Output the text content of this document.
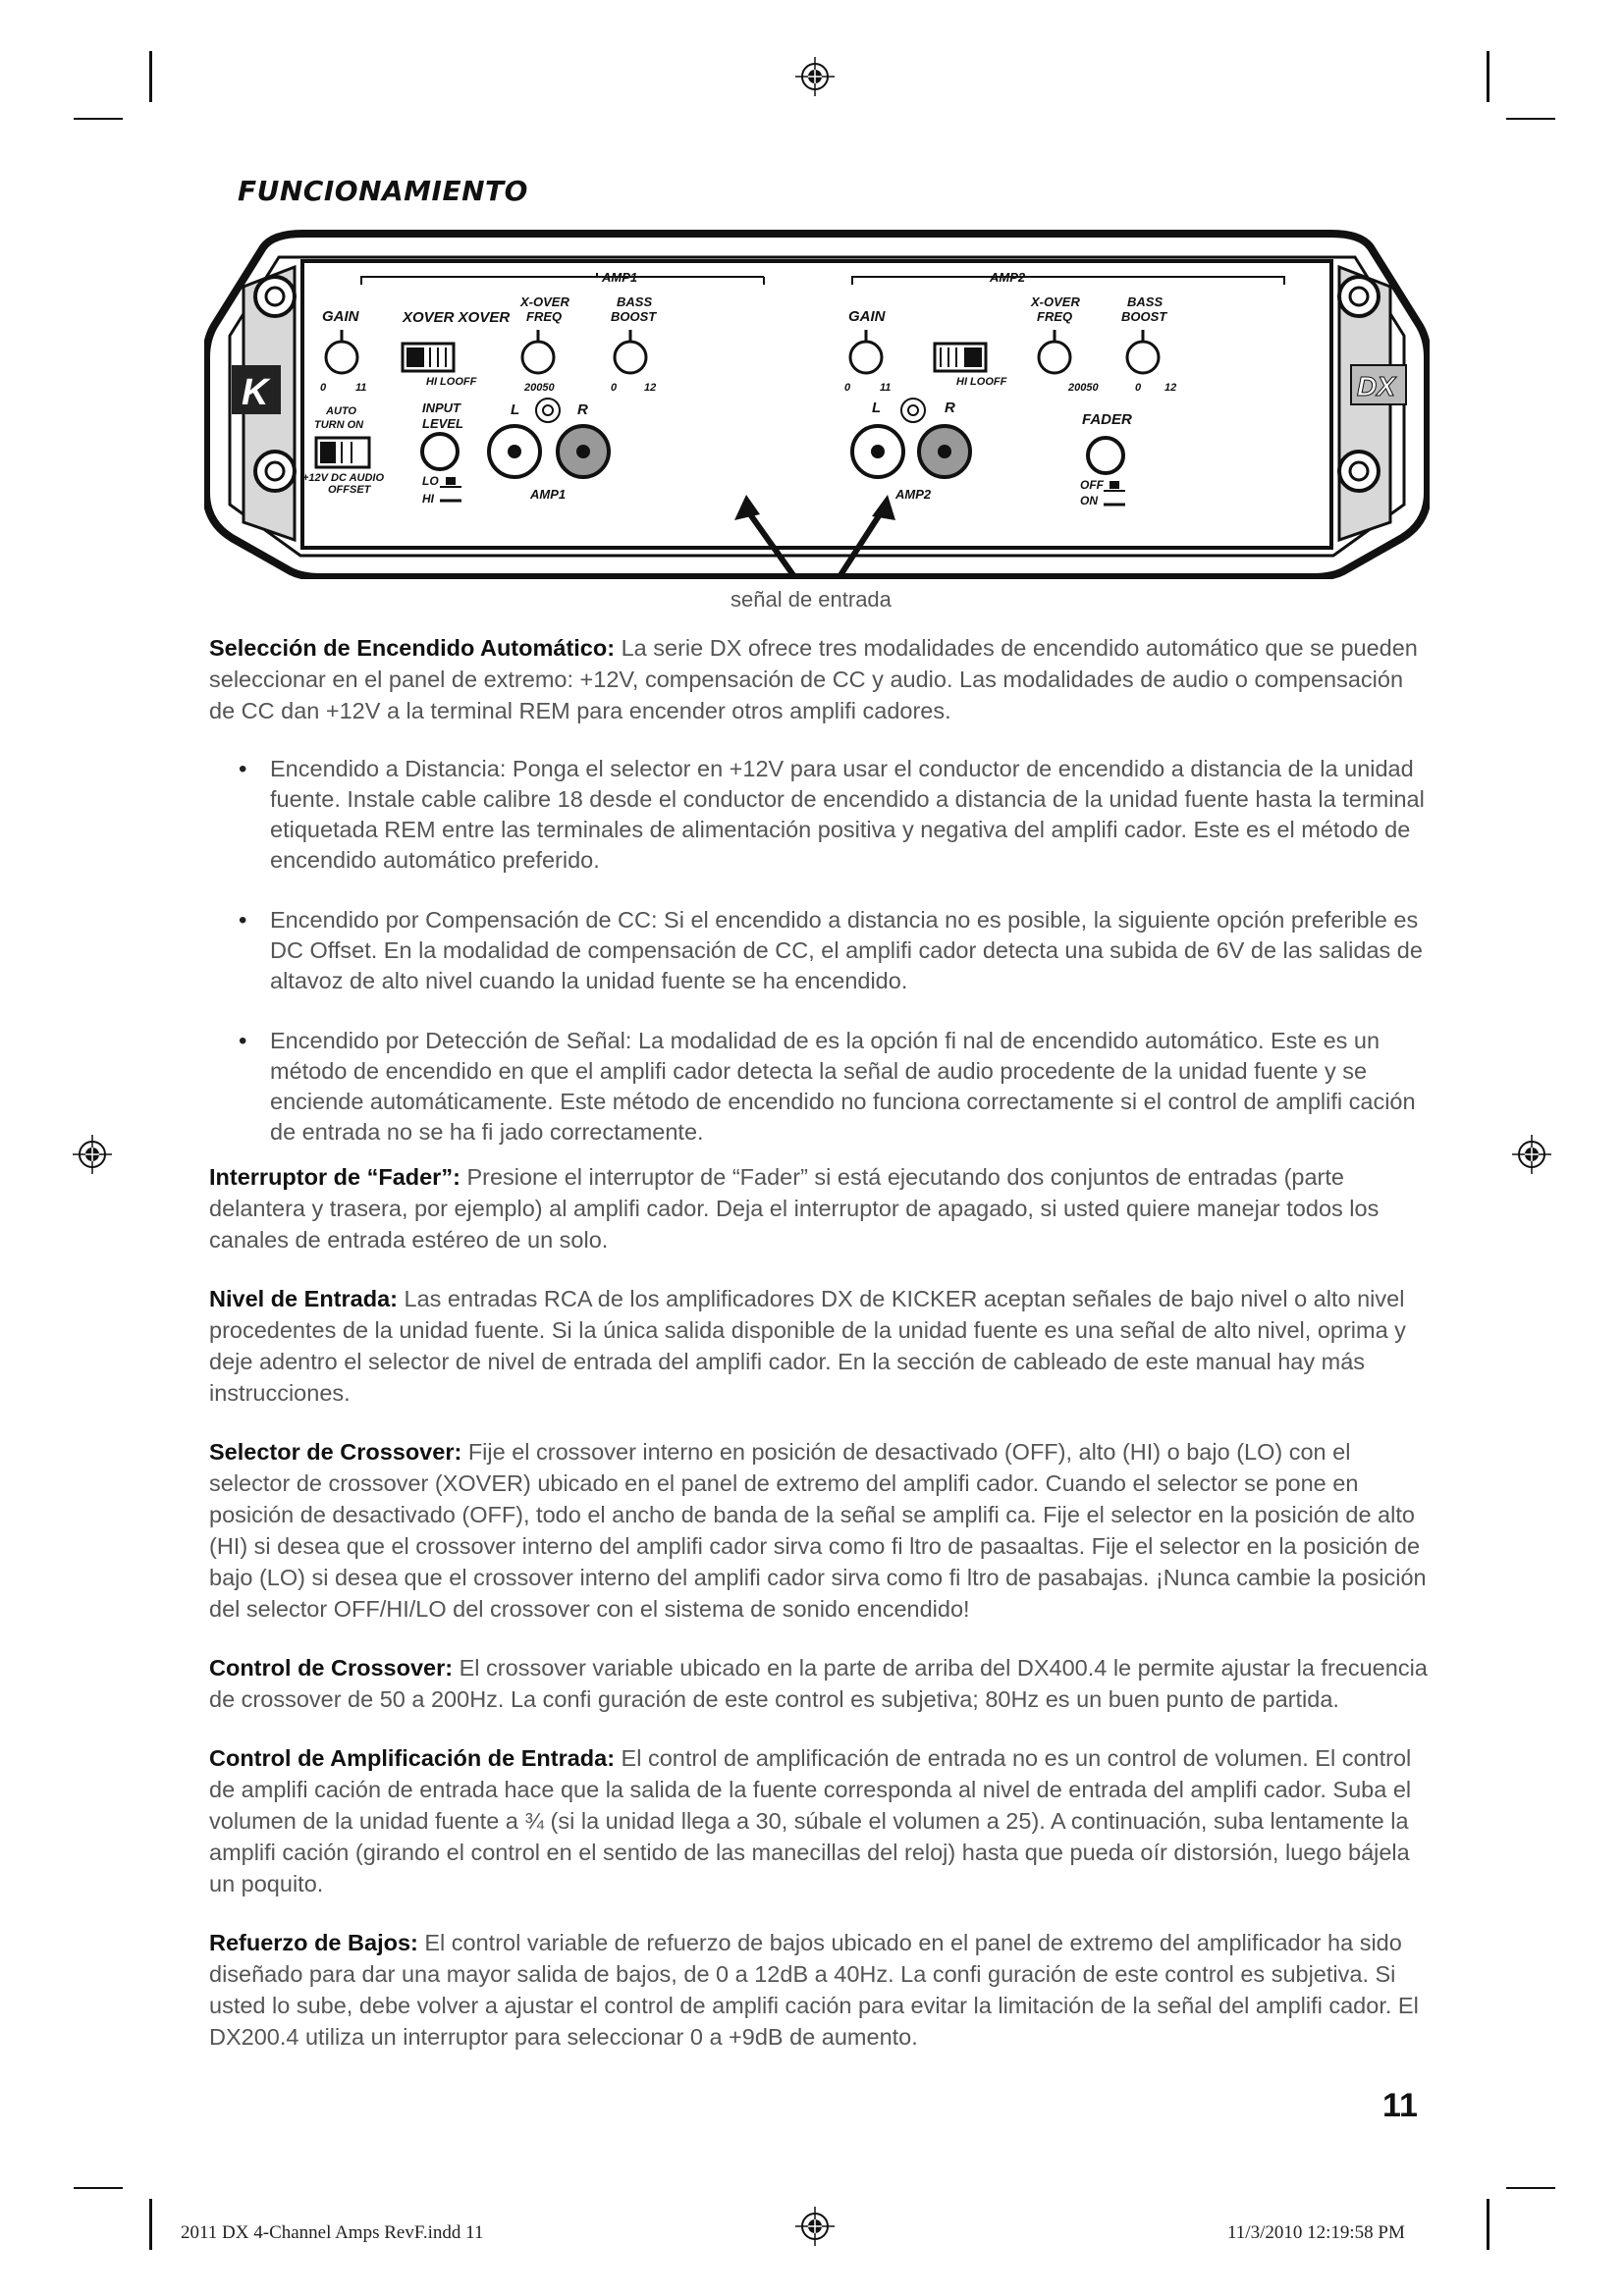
FUNCIONAMIENTO
K	DX
AMP1	AMP2
GAIN	XOVER XOVER
X-OVER
FREQ
BASS
BOOST
0	11	HI LOOFF	20050	0	12
GAIN
0	11	HI LOOFF
X-OVER
FREQ
20050
BASS
BOOST
0 12
AUTO
TURN ON
+12V DC AUDIO
OFFSET
INPUT
LEVEL
LO
HI
L	R
AMP1
L	R
AMP2
FADER
OFF
ON
señal de entrada

Selección de Encendido Automático: La serie DX ofrece tres modalidades de encendido automático que se pueden seleccionar en el panel de extremo: +12V, compensación de CC y audio. Las modalidades de audio o compensación de CC dan +12V a la terminal REM para encender otros amplifi cadores.

• Encendido a Distancia: Ponga el selector en +12V para usar el conductor de encendido a distancia de la unidad fuente. Instale cable calibre 18 desde el conductor de encendido a distancia de la unidad fuente hasta la terminal etiquetada REM entre las terminales de alimentación positiva y negativa del amplifi cador. Este es el método de encendido automático preferido.
• Encendido por Compensación de CC: Si el encendido a distancia no es posible, la siguiente opción preferible es DC Offset. En la modalidad de compensación de CC, el amplifi cador detecta una subida de 6V de las salidas de altavoz de alto nivel cuando la unidad fuente se ha encendido.
• Encendido por Detección de Señal: La modalidad de es la opción fi nal de encendido automático. Este es un método de encendido en que el amplifi cador detecta la señal de audio procedente de la unidad fuente y se enciende automáticamente. Este método de encendido no funciona correctamente si el control de amplifi cación de entrada no se ha fi jado correctamente.

Interruptor de “Fader”: Presione el interruptor de “Fader” si está ejecutando dos conjuntos de entradas (parte delantera y trasera, por ejemplo) al amplifi cador. Deja el interruptor de apagado, si usted quiere manejar todos los canales de entrada estéreo de un solo.

Nivel de Entrada: Las entradas RCA de los amplificadores DX de KICKER aceptan señales de bajo nivel o alto nivel procedentes de la unidad fuente. Si la única salida disponible de la unidad fuente es una señal de alto nivel, oprima y deje adentro el selector de nivel de entrada del amplifi cador. En la sección de cableado de este manual hay más instrucciones.

Selector de Crossover: Fije el crossover interno en posición de desactivado (OFF), alto (HI) o bajo (LO) con el selector de crossover (XOVER) ubicado en el panel de extremo del amplifi cador. Cuando el selector se pone en posición de desactivado (OFF), todo el ancho de banda de la señal se amplifi ca. Fije el selector en la posición de alto (HI) si desea que el crossover interno del amplifi cador sirva como fi ltro de pasaaltas. Fije el selector en la posición de bajo (LO) si desea que el crossover interno del amplifi cador sirva como fi ltro de pasabajas. ¡Nunca cambie la posición del selector OFF/HI/LO del crossover con el sistema de sonido encendido!

Control de Crossover: El crossover variable ubicado en la parte de arriba del DX400.4 le permite ajustar la frecuencia de crossover de 50 a 200Hz. La confi guración de este control es subjetiva; 80Hz es un buen punto de partida.

Control de Amplificación de Entrada: El control de amplificación de entrada no es un control de volumen. El control de amplifi cación de entrada hace que la salida de la fuente corresponda al nivel de entrada del amplifi cador. Suba el volumen de la unidad fuente a ¾ (si la unidad llega a 30, súbale el volumen a 25). A continuación, suba lentamente la amplifi cación (girando el control en el sentido de las manecillas del reloj) hasta que pueda oír distorsión, luego bájela un poquito.

Refuerzo de Bajos: El control variable de refuerzo de bajos ubicado en el panel de extremo del amplificador ha sido diseñado para dar una mayor salida de bajos, de 0 a 12dB a 40Hz. La confi guración de este control es subjetiva. Si usted lo sube, debe volver a ajustar el control de amplifi cación para evitar la limitación de la señal del amplifi cador. El DX200.4 utiliza un interruptor para seleccionar 0 a +9dB de aumento.

11
2011 DX 4-Channel Amps RevF.indd 11	11/3/2010 12:19:58 PM
